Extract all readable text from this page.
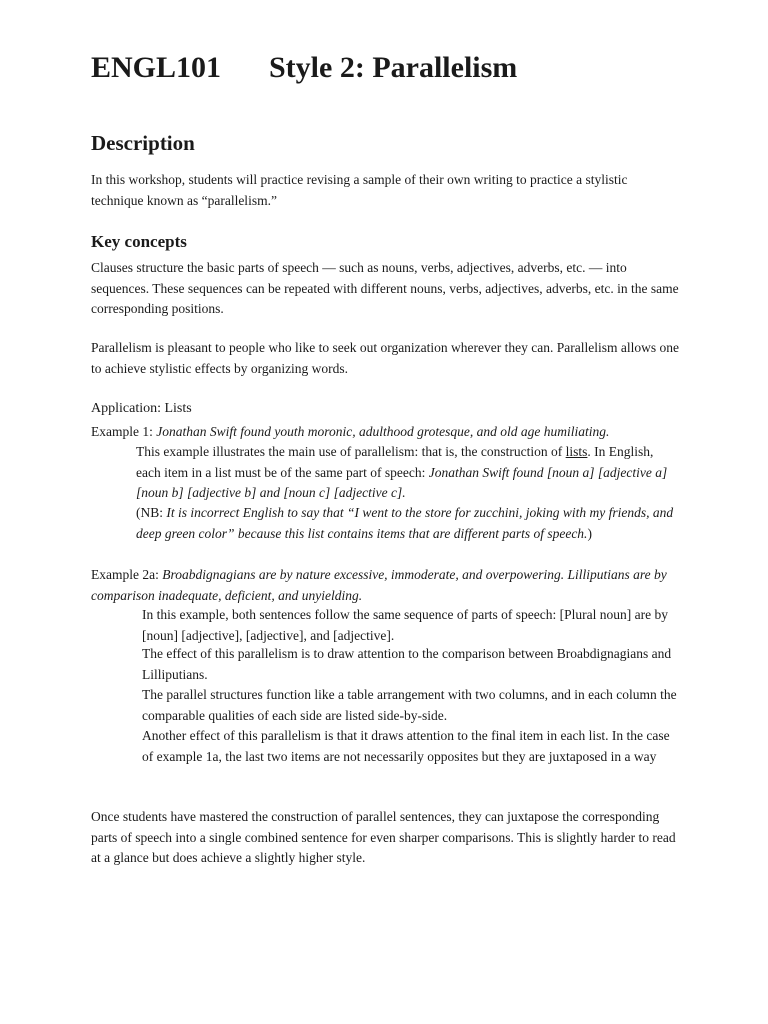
ENGL101 Style 2: Parallelism
Description

In this workshop, students will practice revising a sample of their own writing to practice a stylistic technique known as “parallelism.”

Key concepts

Clauses structure the basic parts of speech — such as nouns, verbs, adjectives, adverbs, etc. — into sequences. These sequences can be repeated with different nouns, verbs, adjectives, adverbs, etc. in the same corresponding positions.

Parallelism is pleasant to people who like to seek out organization wherever they can. Parallelism allows one to achieve stylistic effects by organizing words.

Application: Lists

Example 1: Jonathan Swift found youth moronic, adulthood grotesque, and old age humiliating.

This example illustrates the main use of parallelism: that is, the construction of lists. In English, each item in a list must be of the same part of speech: Jonathan Swift found [noun a] [adjective a] [noun b] [adjective b] and [noun c] [adjective c].

(NB: It is incorrect English to say that “I went to the store for zucchini, joking with my friends, and deep green color” because this list contains items that are different parts of speech.)

Example 2a: Broabdignagians are by nature excessive, immoderate, and overpowering. Lilliputians are by comparison inadequate, deficient, and unyielding.

In this example, both sentences follow the same sequence of parts of speech: [Plural noun] are by [noun] [adjective], [adjective], and [adjective].

The effect of this parallelism is to draw attention to the comparison between Broabdignagians and Lilliputians.

The parallel structures function like a table arrangement with two columns, and in each column the comparable qualities of each side are listed side-by-side.

Another effect of this parallelism is that it draws attention to the final item in each list. In the case of example 1a, the last two items are not necessarily opposites but they are juxtaposed in a way

Once students have mastered the construction of parallel sentences, they can juxtapose the corresponding parts of speech into a single combined sentence for even sharper comparisons. This is slightly harder to read at a glance but does achieve a slightly higher style.
